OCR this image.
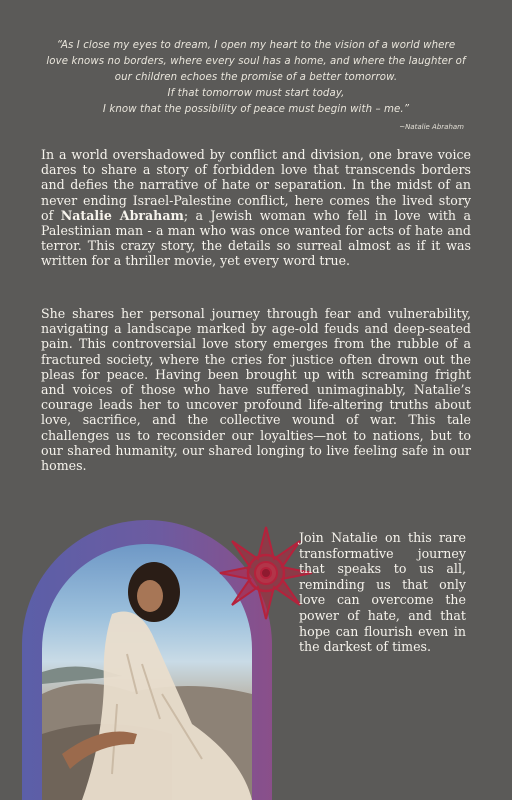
“As I close my eyes to dream, I open my heart to the vision of a world where
love knows no borders, where every soul has a home, and where the laughter of
our children echoes the promise of a better tomorrow.
If that tomorrow must start today,
I know that the possibility of peace must begin with – me.”
~Natalie Abraham
In a world overshadowed by conflict and division, one brave voice dares to share a story of forbidden love that transcends borders and defies the narrative of hate or separation. In the midst of an never ending Israel-Palestine conflict, here comes the lived story of Natalie Abraham; a Jewish woman who fell in love with a Palestinian man - a man who was once wanted for acts of hate and terror. This crazy story, the details so surreal almost as if it was written for a thriller movie, yet every word true.
She shares her personal journey through fear and vulnerability, navigating a landscape marked by age-old feuds and deep-seated pain. This controversial love story emerges from the rubble of a fractured society, where the cries for justice often drown out the pleas for peace. Having been brought up with screaming fright and voices of those who have suffered unimaginably, Natalie’s courage leads her to uncover profound life-altering truths about love, sacrifice, and the collective wound of war. This tale challenges us to reconsider our loyalties—not to nations, but to our shared humanity, our shared longing to live feeling safe in our homes.
Join Natalie on this rare transformative journey that speaks to us all, reminding us that only love can overcome the power of hate, and that hope can flourish even in the darkest of times.
